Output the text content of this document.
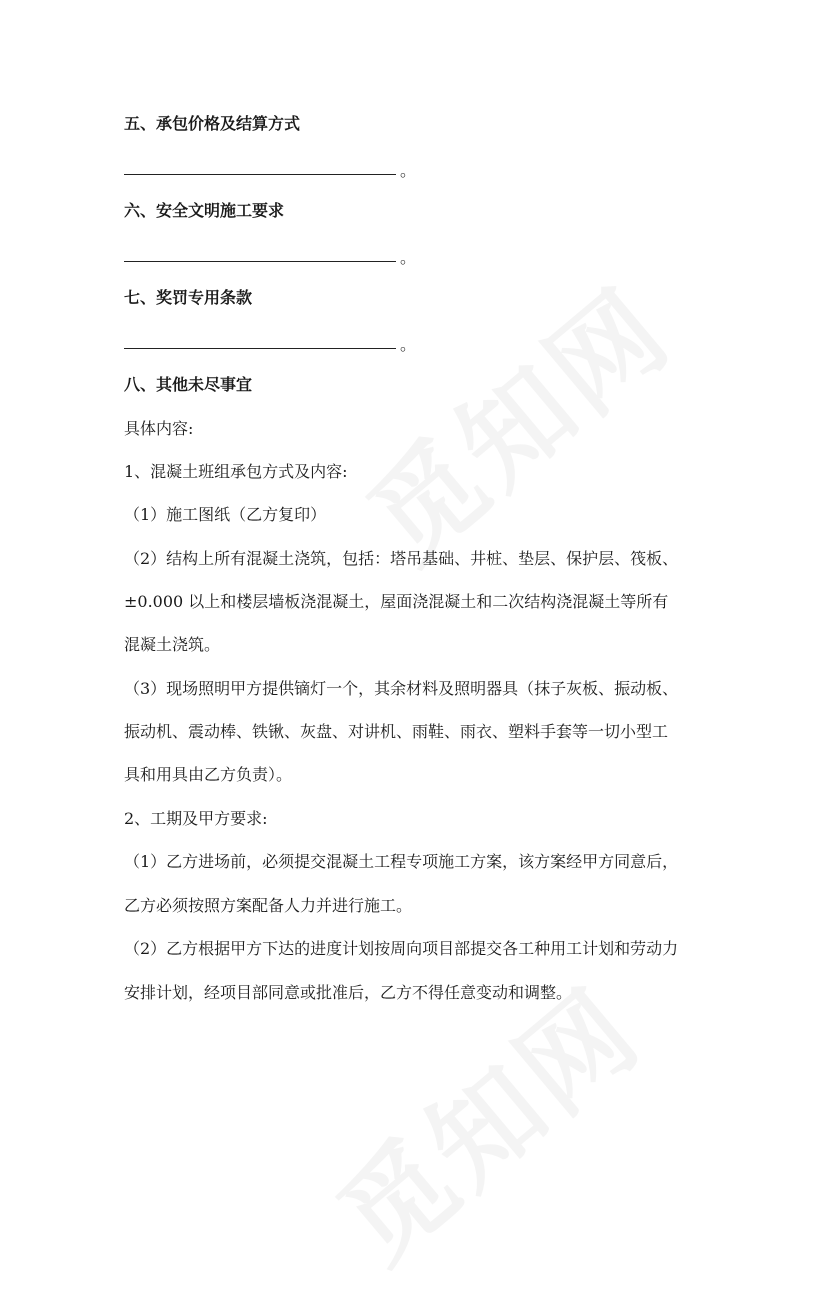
五、承包价格及结算方式
。
六、安全文明施工要求
。
七、奖罚专用条款
。
八、其他未尽事宜
具体内容:
1、混凝土班组承包方式及内容:
（1）施工图纸（乙方复印）
（2）结构上所有混凝土浇筑，包括：塔吊基础、井桩、垫层、保护层、筏板、
±0.000 以上和楼层墙板浇混凝土，屋面浇混凝土和二次结构浇混凝土等所有
混凝土浇筑。
（3）现场照明甲方提供镝灯一个，其余材料及照明器具（抹子灰板、振动板、
振动机、震动棒、铁锹、灰盘、对讲机、雨鞋、雨衣、塑料手套等一切小型工
具和用具由乙方负责）。
2、工期及甲方要求:
（1）乙方进场前，必须提交混凝土工程专项施工方案，该方案经甲方同意后，
乙方必须按照方案配备人力并进行施工。
（2）乙方根据甲方下达的进度计划按周向项目部提交各工种用工计划和劳动力
安排计划，经项目部同意或批准后，乙方不得任意变动和调整。
